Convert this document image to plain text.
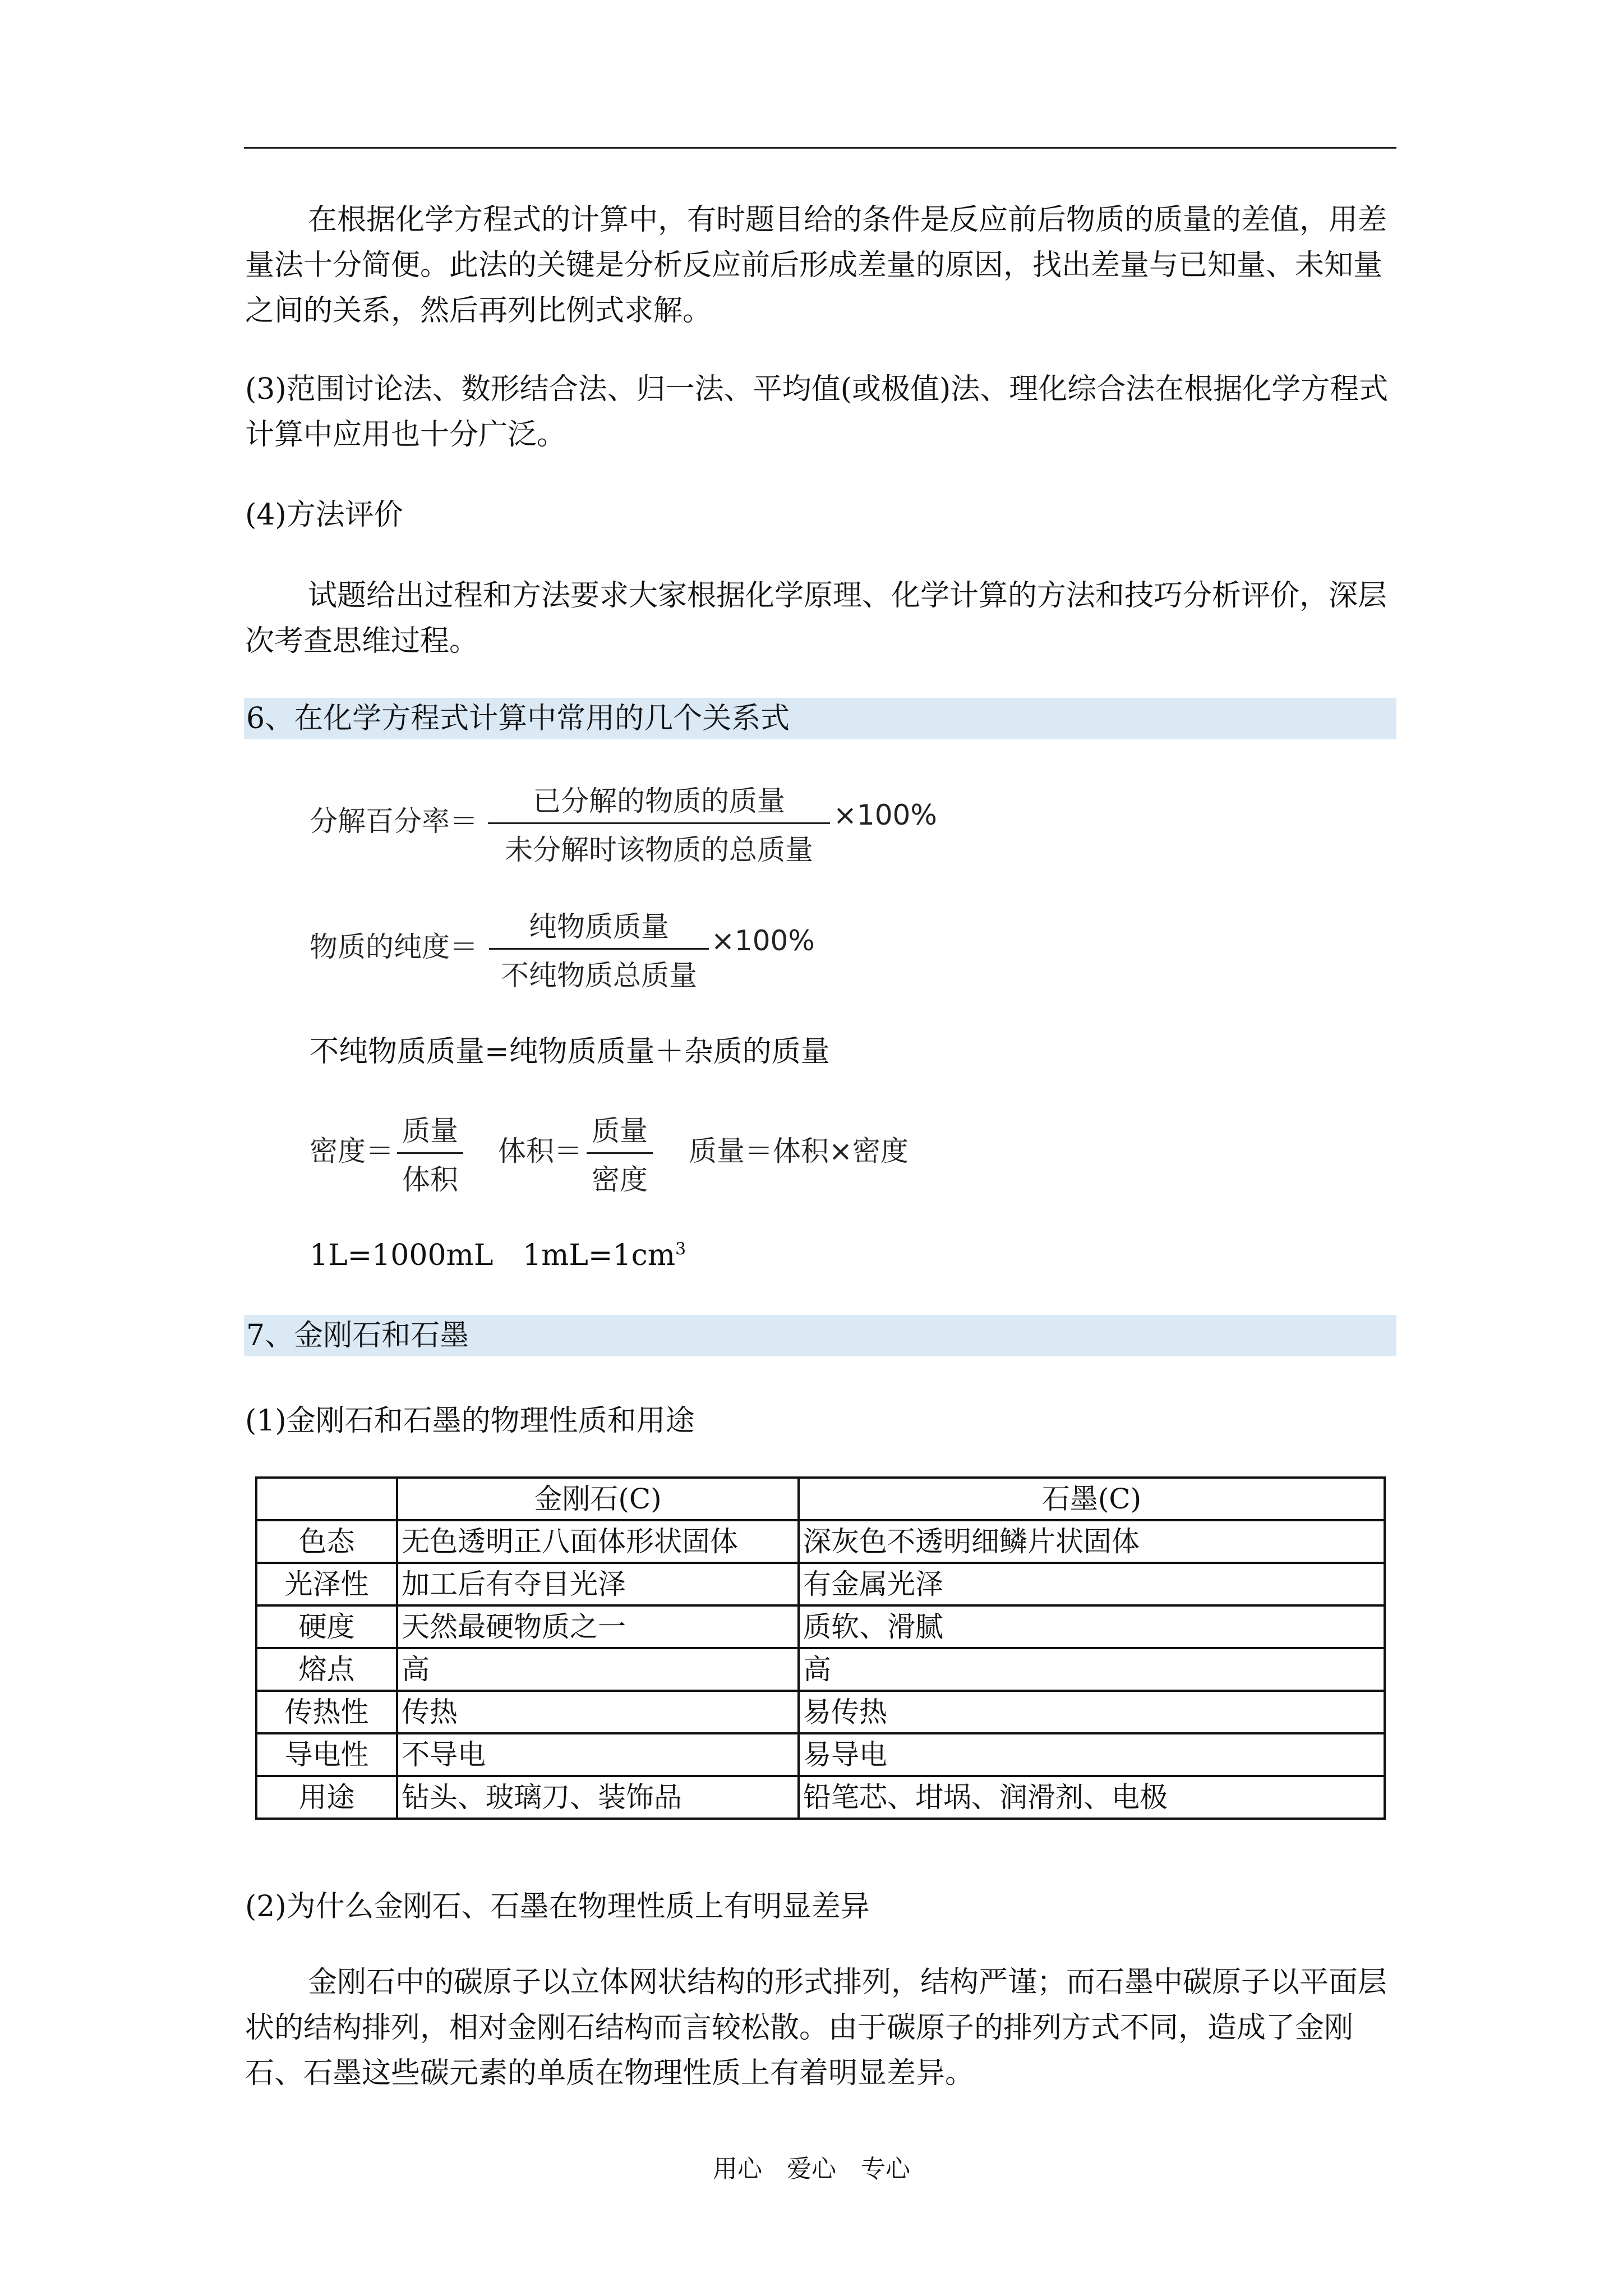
在根据化学方程式的计算中，有时题目给的条件是反应前后物质的质量的差值，用差量法十分简便。此法的关键是分析反应前后形成差量的原因，找出差量与已知量、未知量之间的关系，然后再列比例式求解。

(3)范围讨论法、数形结合法、归一法、平均值(或极值)法、理化综合法在根据化学方程式计算中应用也十分广泛。

(4)方法评价

试题给出过程和方法要求大家根据化学原理、化学计算的方法和技巧分析评价，深层次考查思维过程。

6、在化学方程式计算中常用的几个关系式
分解百分率＝
已分解的物质的质量
未分解时该物质的总质量
×100%
物质的纯度＝
纯物质质量
不纯物质总质量
×100%
不纯物质质量=纯物质质量＋杂质的质量
密度＝
质量
体积
体积＝
质量
密度
质量＝体积×密度
1L=1000mL $1mL=1cm^3$
7、金刚石和石墨
(1)金刚石和石墨的物理性质和用途
	金刚石(C)	石墨(C)
色态	无色透明正八面体形状固体	深灰色不透明细鳞片状固体
光泽性	加工后有夺目光泽	有金属光泽
硬度	天然最硬物质之一	质软、滑腻
熔点	高	高
传热性	传热	易传热
导电性	不导电	易导电
用途	钻头、玻璃刀、装饰品	铅笔芯、坩埚、润滑剂、电极
(2)为什么金刚石、石墨在物理性质上有明显差异

金刚石中的碳原子以立体网状结构的形式排列，结构严谨；而石墨中碳原子以平面层状的结构排列，相对金刚石结构而言较松散。由于碳原子的排列方式不同，造成了金刚石、石墨这些碳元素的单质在物理性质上有着明显差异。

用心　爱心　专心
